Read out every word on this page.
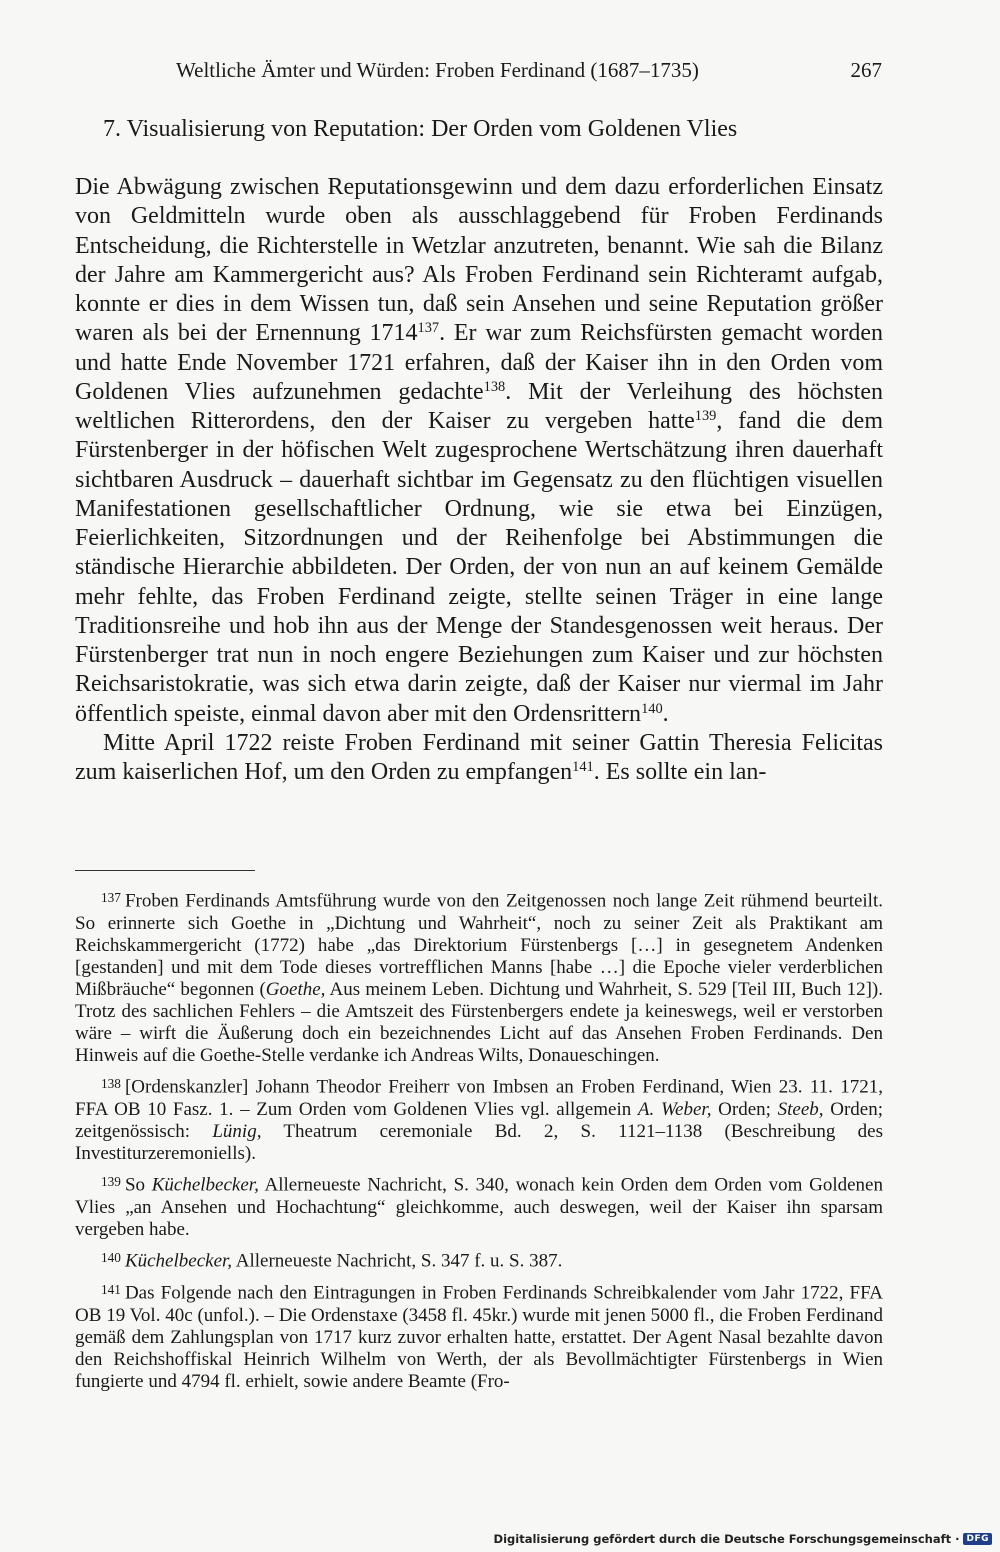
Weltliche Ämter und Würden: Froben Ferdinand (1687–1735)	267
7. Visualisierung von Reputation: Der Orden vom Goldenen Vlies

Die Abwägung zwischen Reputationsgewinn und dem dazu erforderlichen Einsatz von Geldmitteln wurde oben als ausschlaggebend für Froben Ferdinands Entscheidung, die Richterstelle in Wetzlar anzutreten, benannt. Wie sah die Bilanz der Jahre am Kammergericht aus? Als Froben Ferdinand sein Richteramt aufgab, konnte er dies in dem Wissen tun, daß sein Ansehen und seine Reputation größer waren als bei der Ernennung 1714$^{137}$. Er war zum Reichsfürsten gemacht worden und hatte Ende November 1721 erfahren, daß der Kaiser ihn in den Orden vom Goldenen Vlies aufzunehmen gedachte$^{138}$. Mit der Verleihung des höchsten weltlichen Ritterordens, den der Kaiser zu vergeben hatte$^{139}$, fand die dem Fürstenberger in der höfischen Welt zugesprochene Wertschätzung ihren dauerhaft sichtbaren Ausdruck – dauerhaft sichtbar im Gegensatz zu den flüchtigen visuellen Manifestationen gesellschaftlicher Ordnung, wie sie etwa bei Einzügen, Feierlichkeiten, Sitzordnungen und der Reihenfolge bei Abstimmungen die ständische Hierarchie abbildeten. Der Orden, der von nun an auf keinem Gemälde mehr fehlte, das Froben Ferdinand zeigte, stellte seinen Träger in eine lange Traditionsreihe und hob ihn aus der Menge der Standesgenossen weit heraus. Der Fürstenberger trat nun in noch engere Beziehungen zum Kaiser und zur höchsten Reichsaristokratie, was sich etwa darin zeigte, daß der Kaiser nur viermal im Jahr öffentlich speiste, einmal davon aber mit den Ordensrittern$^{140}$.

Mitte April 1722 reiste Froben Ferdinand mit seiner Gattin Theresia Felicitas zum kaiserlichen Hof, um den Orden zu empfangen$^{141}$. Es sollte ein lan-

$^{137}$ Froben Ferdinands Amtsführung wurde von den Zeitgenossen noch lange Zeit rühmend beurteilt. So erinnerte sich Goethe in „Dichtung und Wahrheit“, noch zu seiner Zeit als Praktikant am Reichskammergericht (1772) habe „das Direktorium Fürstenbergs […] in gesegnetem Andenken [gestanden] und mit dem Tode dieses vortrefflichen Manns [habe …] die Epoche vieler verderblichen Mißbräuche“ begonnen (Goethe, Aus meinem Leben. Dichtung und Wahrheit, S. 529 [Teil III, Buch 12]). Trotz des sachlichen Fehlers – die Amtszeit des Fürstenbergers endete ja keineswegs, weil er verstorben wäre – wirft die Äußerung doch ein bezeichnendes Licht auf das Ansehen Froben Ferdinands. Den Hinweis auf die Goethe-Stelle verdanke ich Andreas Wilts, Donaueschingen.

$^{138}$ [Ordenskanzler] Johann Theodor Freiherr von Imbsen an Froben Ferdinand, Wien 23. 11. 1721, FFA OB 10 Fasz. 1. – Zum Orden vom Goldenen Vlies vgl. allgemein A. Weber, Orden; Steeb, Orden; zeitgenössisch: Lünig, Theatrum ceremoniale Bd. 2, S. 1121–1138 (Beschreibung des Investiturzeremoniells).

$^{139}$ So Küchelbecker, Allerneueste Nachricht, S. 340, wonach kein Orden dem Orden vom Goldenen Vlies „an Ansehen und Hochachtung“ gleichkomme, auch deswegen, weil der Kaiser ihn sparsam vergeben habe.

$^{140}$ Küchelbecker, Allerneueste Nachricht, S. 347 f. u. S. 387.

$^{141}$ Das Folgende nach den Eintragungen in Froben Ferdinands Schreibkalender vom Jahr 1722, FFA OB 19 Vol. 40c (unfol.). – Die Ordenstaxe (3458 fl. 45kr.) wurde mit jenen 5000 fl., die Froben Ferdinand gemäß dem Zahlungsplan von 1717 kurz zuvor erhalten hatte, erstattet. Der Agent Nasal bezahlte davon den Reichshoffiskal Heinrich Wilhelm von Werth, der als Bevollmächtigter Fürstenbergs in Wien fungierte und 4794 fl. erhielt, sowie andere Beamte (Fro-

Digitalisierung gefördert durch die Deutsche Forschungsgemeinschaft · DFG
